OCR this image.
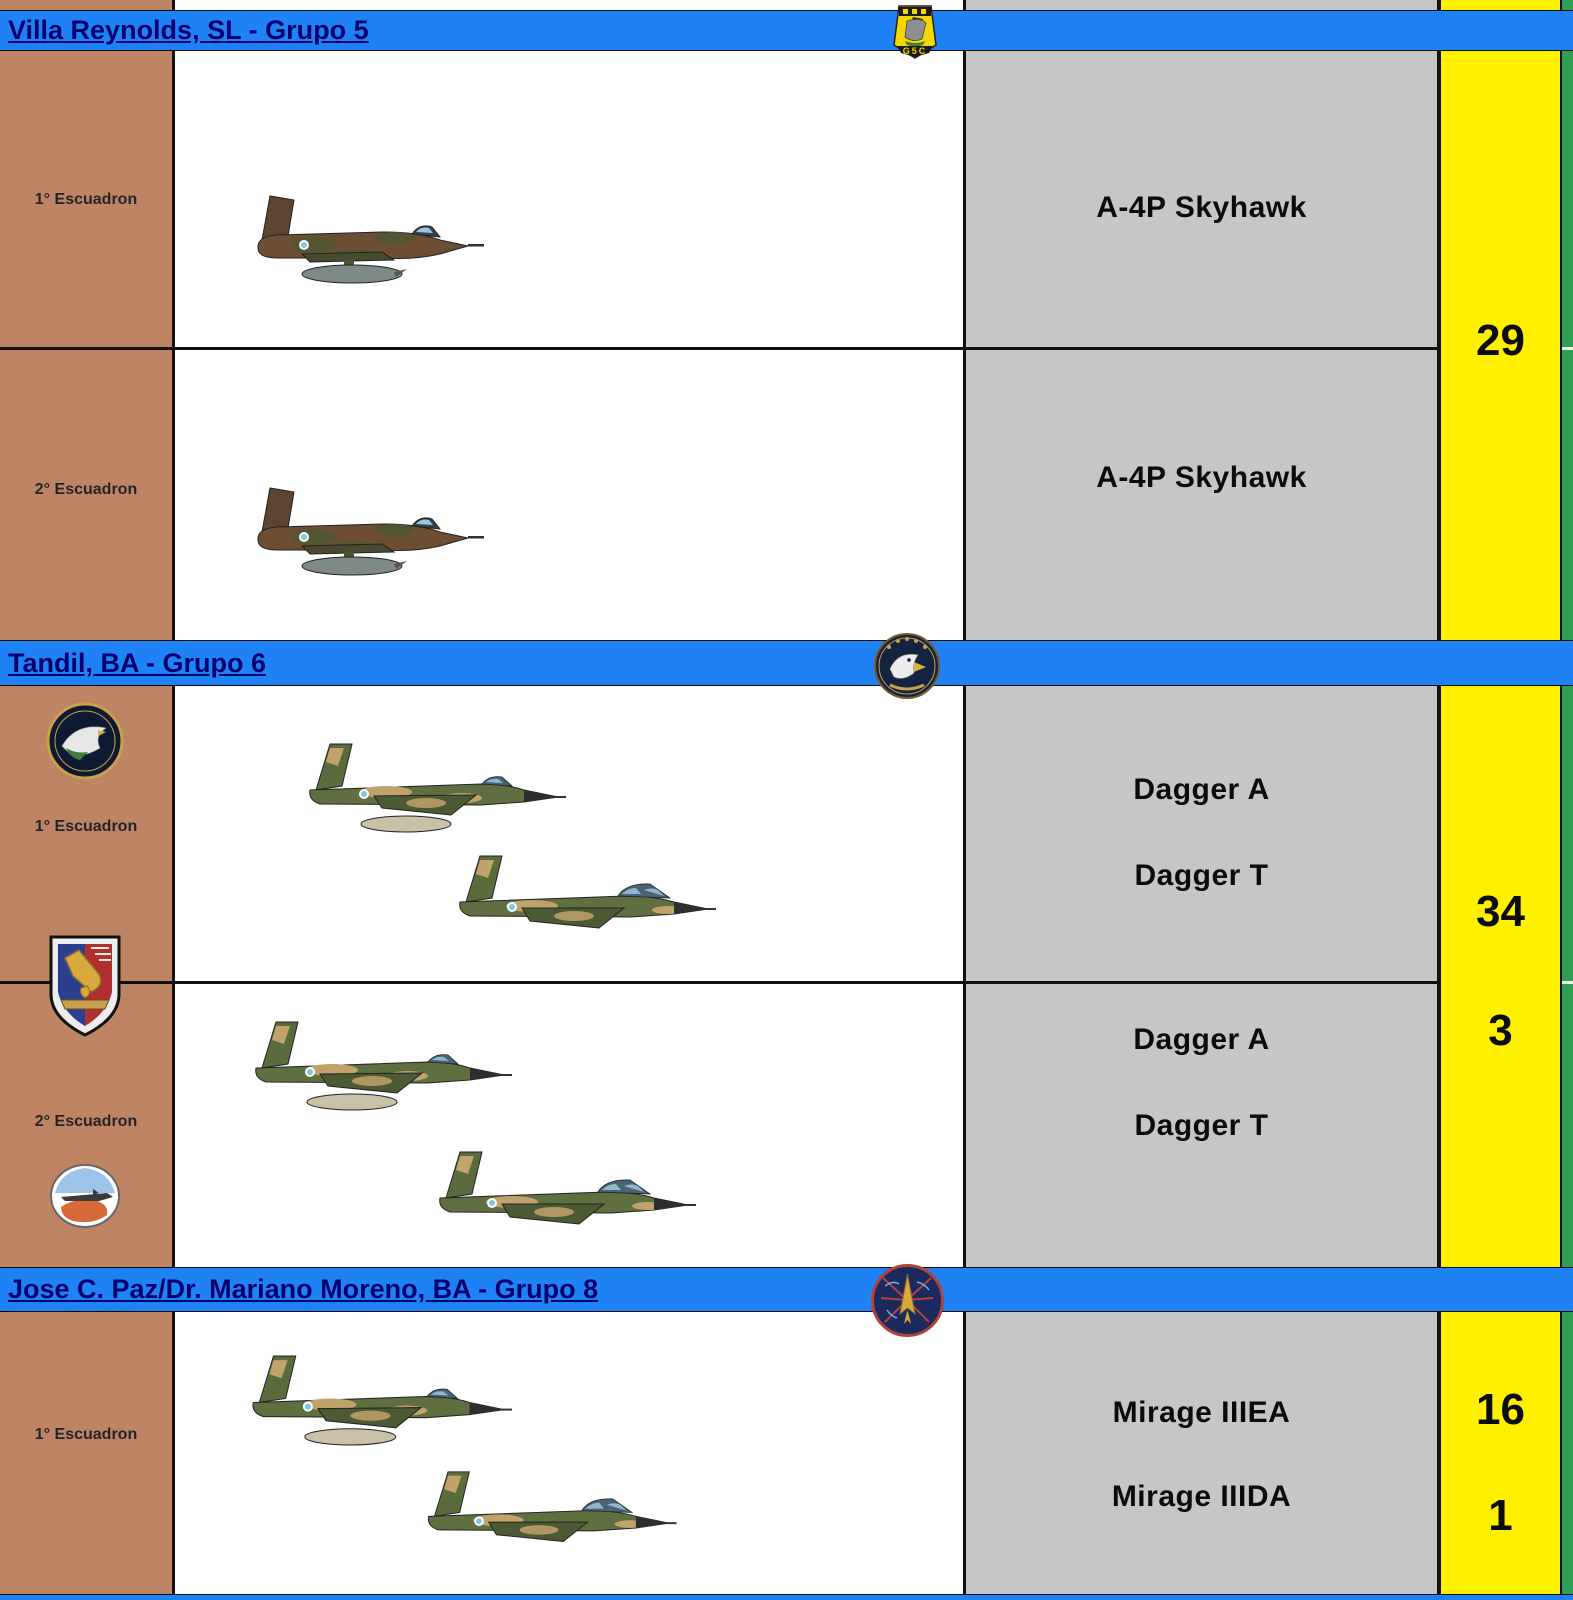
Villa Reynolds, SL - Grupo 5
G5C
1° Escuadron
2° Escuadron
A-4P Skyhawk
A-4P Skyhawk
29
Tandil, BA - Grupo 6
1° Escuadron
2° Escuadron
Dagger A
Dagger T
Dagger A
Dagger T
34
3
Jose C. Paz/Dr. Mariano Moreno, BA - Grupo 8
1° Escuadron
Mirage IIIEA
Mirage IIIDA
16
1
